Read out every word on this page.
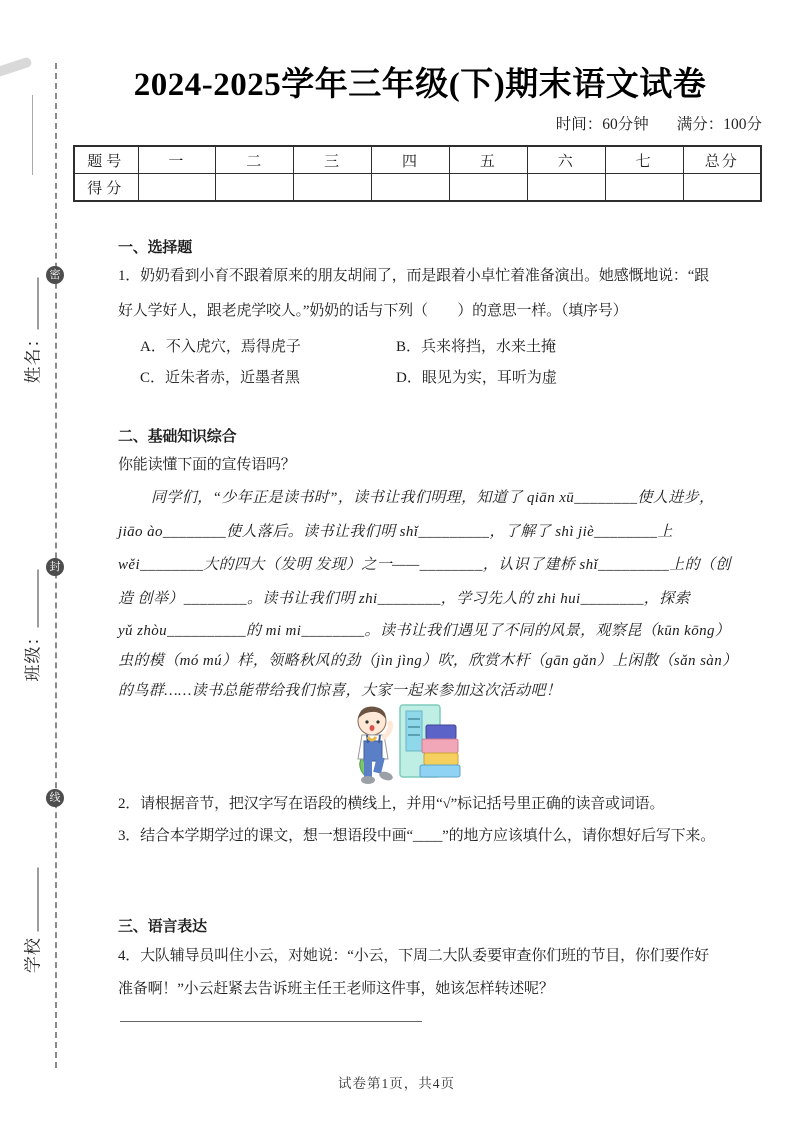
姓名：
班级：
学校
密
封
线
2024-2025学年三年级(下)期末语文试卷
时间：60分钟 满分：100分
题号	一	二	三	四	五	六	七	总分
得分								
一、选择题
1．奶奶看到小育不跟着原来的朋友胡闹了，而是跟着小卓忙着准备演出。她感慨地说：“跟
好人学好人，跟老虎学咬人。”奶奶的话与下列（　　）的意思一样。（填序号）
A．不入虎穴，焉得虎子	B．兵来将挡，水来土掩
C．近朱者赤，近墨者黑	D．眼见为实，耳听为虚
二、基础知识综合
你能读懂下面的宣传语吗？
同学们，“少年正是读书时”，读书让我们明理，知道了 qiān xū________使人进步，
jiāo ào________使人落后。读书让我们明 shǐ_________，了解了 shì jiè________上
wěi________大的四大（发明 发现）之一——________，认识了建桥 shǐ_________上的（创
造 创举）________。读书让我们明 zhi________，学习先人的 zhi hui________，探索
yǔ zhòu__________的 mi mi________。读书让我们遇见了不同的风景，观察昆（kūn kōng）
虫的模（mó mú）样，领略秋风的劲（jìn jìng）吹，欣赏木杆（gān gǎn）上闲散（sǎn sàn）
的鸟群……读书总能带给我们惊喜，大家一起来参加这次活动吧！
2．请根据音节，把汉字写在语段的横线上，并用“√”标记括号里正确的读音或词语。
3．结合本学期学过的课文，想一想语段中画“____”的地方应该填什么，请你想好后写下来。
三、语言表达
4．大队辅导员叫住小云，对她说：“小云，下周二大队委要审查你们班的节目，你们要作好
准备啊！”小云赶紧去告诉班主任王老师这件事，她该怎样转述呢？
试卷第1页，共4页
